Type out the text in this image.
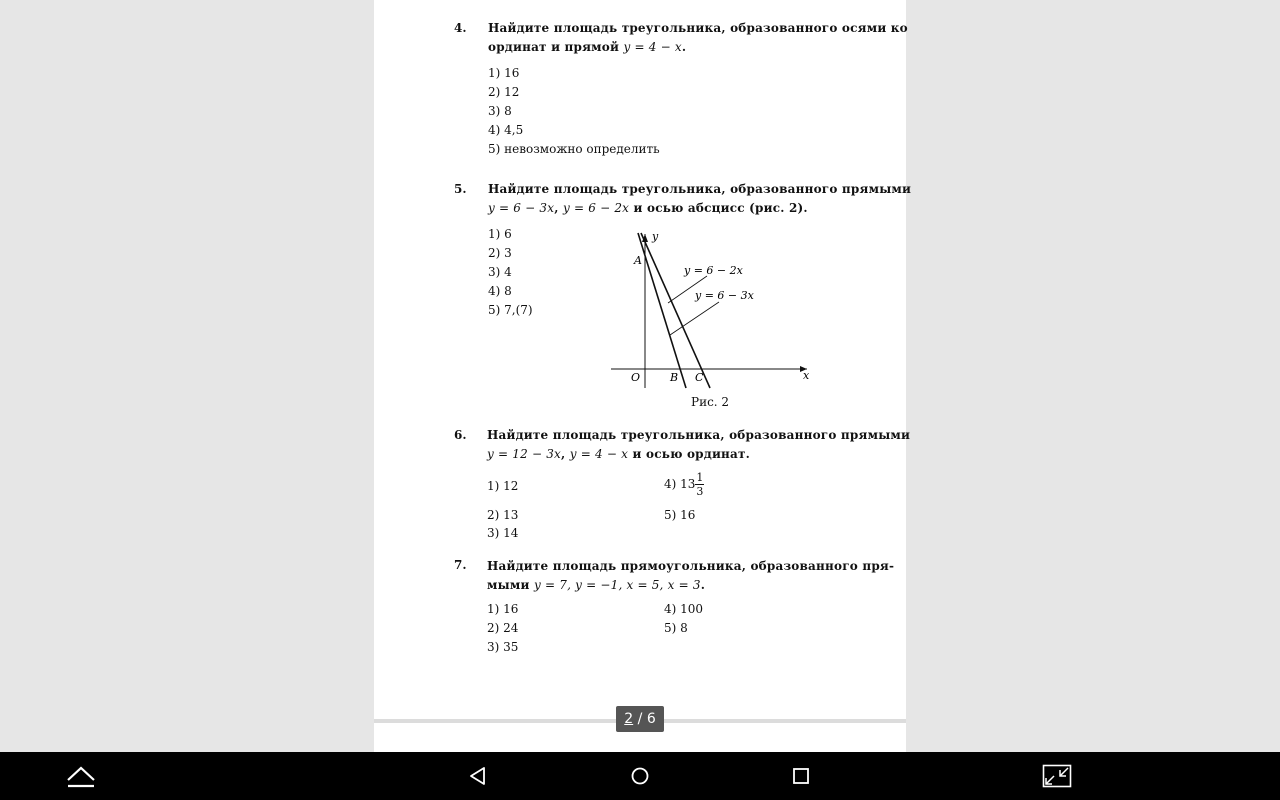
4. Найдите площадь треугольника, образованного осями ко
ординат и прямой y = 4 − x.
1) 16
2) 12
3) 8
4) 4,5
5) невозможно определить
5. Найдите площадь треугольника, образованного прямыми
y = 6 − 3x, y = 6 − 2x и осью абсцисс (рис. 2).
1) 6
2) 3
3) 4
4) 8
5) 7,(7)
y
x
O
A
B C
y = 6 − 2x
y = 6 − 3x
Рис. 2
6. Найдите площадь треугольника, образованного прямыми
y = 12 − 3x, y = 4 − x и осью ординат.
1) 12
2) 13
3) 14
4) $13 \frac{1}{3}$
5) 16
7. Найдите площадь прямоугольника, образованного пря-
мыми y = 7, y = −1, x = 5, x = 3.
1) 16
2) 24
3) 35
4) 100
5) 8
2 / 6
